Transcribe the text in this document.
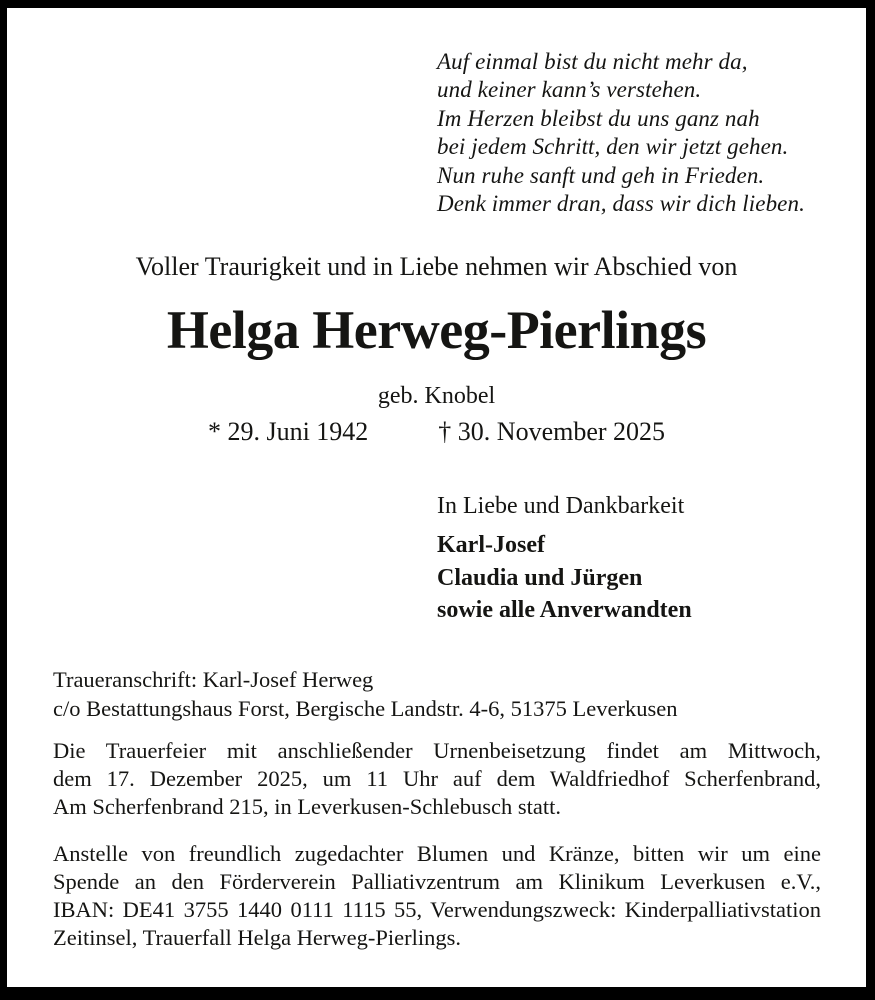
Auf einmal bist du nicht mehr da,
und keiner kann’s verstehen.
Im Herzen bleibst du uns ganz nah
bei jedem Schritt, den wir jetzt gehen.
Nun ruhe sanft und geh in Frieden.
Denk immer dran, dass wir dich lieben.
Voller Traurigkeit und in Liebe nehmen wir Abschied von
Helga Herweg-Pierlings
geb. Knobel
* 29. Juni 1942	† 30. November 2025
In Liebe und Dankbarkeit
Karl-Josef
Claudia und Jürgen
sowie alle Anverwandten
Traueranschrift: Karl-Josef Herweg
c/o Bestattungshaus Forst, Bergische Landstr. 4-6, 51375 Leverkusen
Die Trauerfeier mit anschließender Urnenbeisetzung findet am Mittwoch,
dem 17. Dezember 2025, um 11 Uhr auf dem Waldfriedhof Scherfenbrand,
Am Scherfenbrand 215, in Leverkusen-Schlebusch statt.
Anstelle von freundlich zugedachter Blumen und Kränze, bitten wir um eine
Spende an den Förderverein Palliativzentrum am Klinikum Leverkusen e.V.,
IBAN: DE41 3755 1440 0111 1115 55, Verwendungszweck: Kinderpalliativstation
Zeitinsel, Trauerfall Helga Herweg-Pierlings.
